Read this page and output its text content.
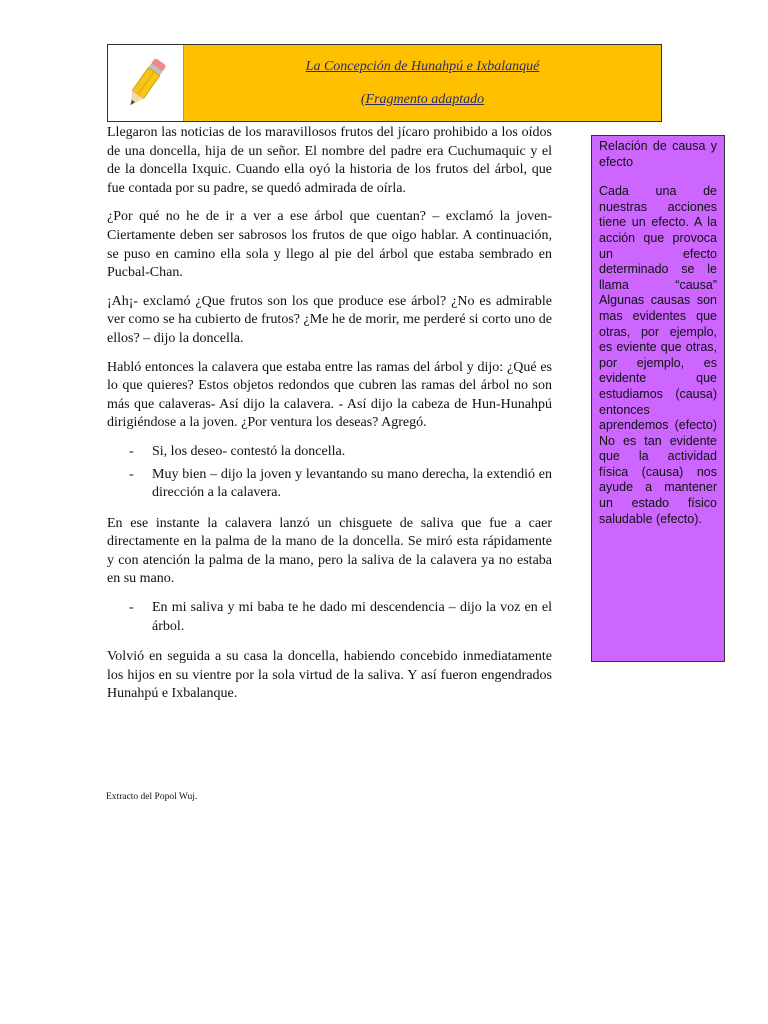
La Concepción de Hunahpú e Ixbalanqué
(Fragmento adaptado

Llegaron las noticias de los maravillosos frutos del jícaro prohibido a los oídos de una doncella, hija de un señor. El nombre del padre era Cuchumaquic y el de la doncella Ixquic. Cuando ella oyó la historia de los frutos del árbol, que fue contada por su padre, se quedó admirada de oírla.

¿Por qué no he de ir a ver a ese árbol que cuentan? – exclamó la joven- Ciertamente deben ser sabrosos los frutos de que oigo hablar. A continuación, se puso en camino ella sola y llego al pie del árbol que estaba sembrado en Pucbal-Chan.

¡Ah¡- exclamó ¿Que frutos son los que produce ese árbol? ¿No es admirable ver como se ha cubierto de frutos? ¿Me he de morir, me perderé si corto uno de ellos? – dijo la doncella.

Habló entonces la calavera que estaba entre las ramas del árbol y dijo: ¿Qué es lo que quieres? Estos objetos redondos que cubren las ramas del árbol no son más que calaveras- Así dijo la calavera. - Así dijo la cabeza de Hun-Hunahpú dirigiéndose a la joven. ¿Por ventura los deseas? Agregó.

- Si, los deseo- contestó la doncella.
- Muy bien – dijo la joven y levantando su mano derecha, la extendió en dirección a la calavera.

En ese instante la calavera lanzó un chisguete de saliva que fue a caer directamente en la palma de la mano de la doncella. Se miró esta rápidamente y con atención la palma de la mano, pero la saliva de la calavera ya no estaba en su mano.

- En mi saliva y mi baba te he dado mi descendencia – dijo la voz en el árbol.

Volvió en seguida a su casa la doncella, habiendo concebido inmediatamente los hijos en su vientre por la sola virtud de la saliva. Y así fueron engendrados Hunahpú e Ixbalanque.

Relación de causa y efecto

Cada una de nuestras acciones tiene un efecto. A la acción que provoca un efecto determinado se le llama “causa” Algunas causas son mas evidentes que otras, por ejemplo, es eviente que otras, por ejemplo, es evidente que estudiamos (causa) entonces aprendemos (efecto) No es tan evidente que la actividad física (causa) nos ayude a mantener un estado físico saludable (efecto).

Extracto del Popol Wuj.
